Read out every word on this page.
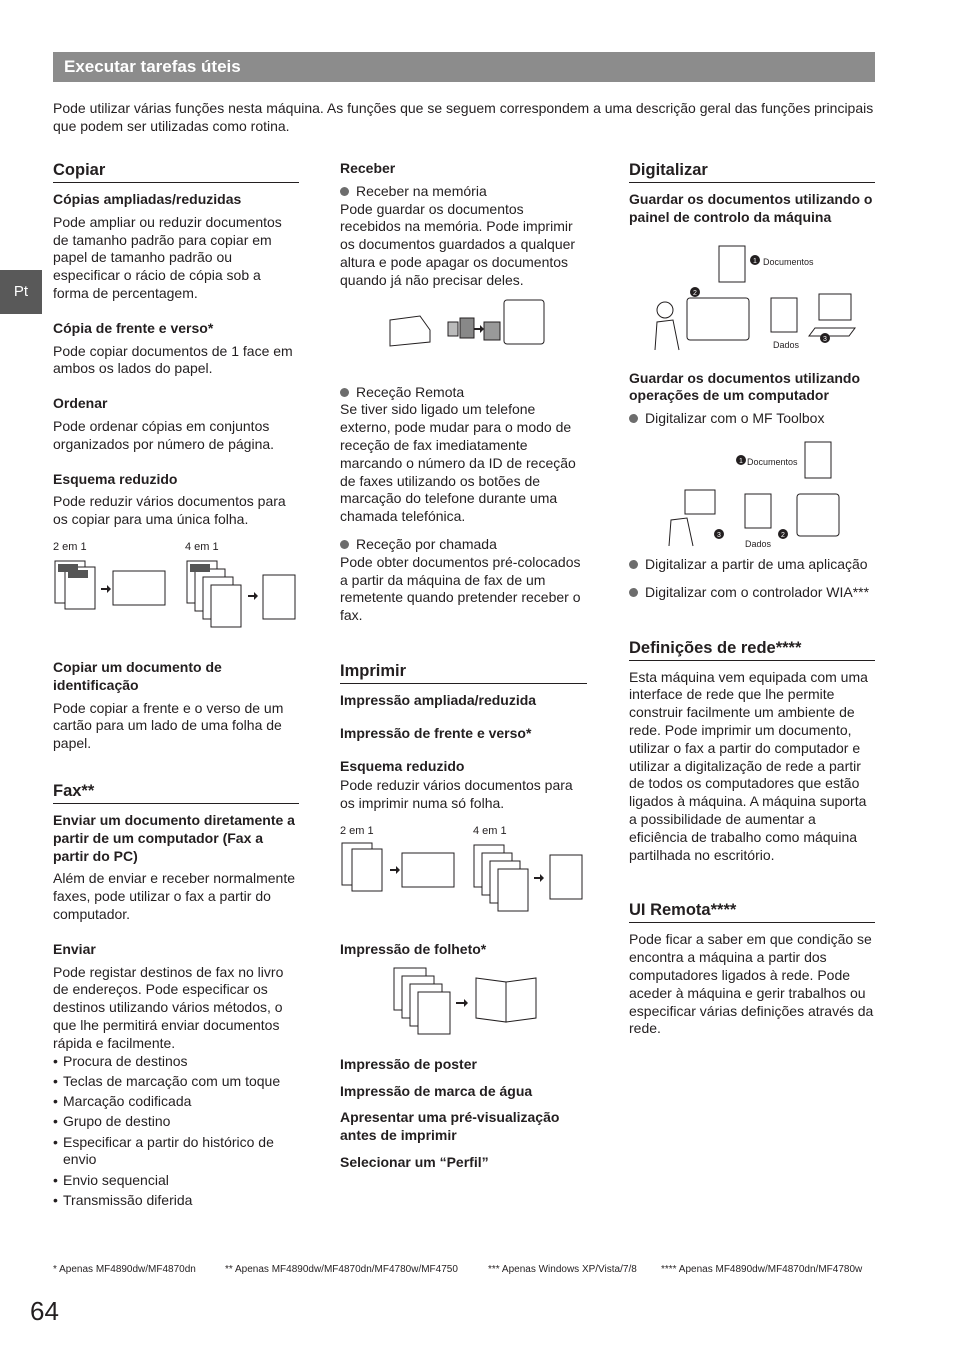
Executar tarefas úteis
Pode utilizar várias funções nesta máquina. As funções que se seguem correspondem a uma descrição geral das funções principais que podem ser utilizadas como rotina.
Pt
Copiar
Cópias ampliadas/reduzidas

Pode ampliar ou reduzir documentos de tamanho padrão para copiar em papel de tamanho padrão ou especificar o rácio de cópia sob a forma de percentagem.

Cópia de frente e verso*

Pode copiar documentos de 1 face em ambos os lados do papel.

Ordenar

Pode ordenar cópias em conjuntos organizados por número de página.

Esquema reduzido

Pode reduzir vários documentos para os copiar para uma única folha.

2 em 1	4 em 1
Copiar um documento de identificação

Pode copiar a frente e o verso de um cartão para um lado de uma folha de papel.

Fax**
Enviar um documento diretamente a partir de um computador (Fax a partir do PC)

Além de enviar e receber normalmente faxes, pode utilizar o fax a partir do computador.

Enviar

Pode registar destinos de fax no livro de endereços. Pode especificar os destinos utilizando vários métodos, o que lhe permitirá enviar documentos rápida e facilmente.

• Procura de destinos
• Teclas de marcação com um toque
• Marcação codificada
• Grupo de destino
• Especificar a partir do histórico de envio
• Envio sequencial
• Transmissão diferida
Receber
Receber na memória

Pode guardar os documentos recebidos na memória. Pode imprimir os documentos guardados a qualquer altura e pode apagar os documentos quando já não precisar deles.

Receção Remota

Se tiver sido ligado um telefone externo, pode mudar para o modo de receção de fax imediatamente marcando o número da ID de receção de faxes utilizando os botões de marcação do telefone durante uma chamada telefónica.

Receção por chamada

Pode obter documentos pré-colocados a partir da máquina de fax de um remetente quando pretender receber o fax.

Imprimir
Impressão ampliada/reduzida
Impressão de frente e verso*
Esquema reduzido

Pode reduzir vários documentos para os imprimir numa só folha.

2 em 1	4 em 1
Impressão de folheto*
Impressão de poster
Impressão de marca de água
Apresentar uma pré-visualização antes de imprimir
Selecionar um “Perfil”
Digitalizar
Guardar os documentos utilizando o painel de controlo da máquina
2
1
3
Documentos
Dados
Guardar os documentos utilizando operações de um computador
Digitalizar com o MF Toolbox
1
2
3
Documentos
Dados
Digitalizar a partir de uma aplicação
Digitalizar com o controlador WIA***
Definições de rede****

Esta máquina vem equipada com uma interface de rede que lhe permite construir facilmente um ambiente de rede. Pode imprimir um documento, utilizar o fax a partir do computador e utilizar a digitalização de rede a partir de todos os computadores que estão ligados à máquina. A máquina suporta a possibilidade de aumentar a eficiência de trabalho como máquina partilhada no escritório.

UI Remota****

Pode ficar a saber em que condição se encontra a máquina a partir dos computadores ligados à rede. Pode aceder à máquina e gerir trabalhos ou especificar várias definições através da rede.

* Apenas MF4890dw/MF4870dn	** Apenas MF4890dw/MF4870dn/MF4780w/MF4750	*** Apenas Windows XP/Vista/7/8 **** Apenas MF4890dw/MF4870dn/MF4780w
64
